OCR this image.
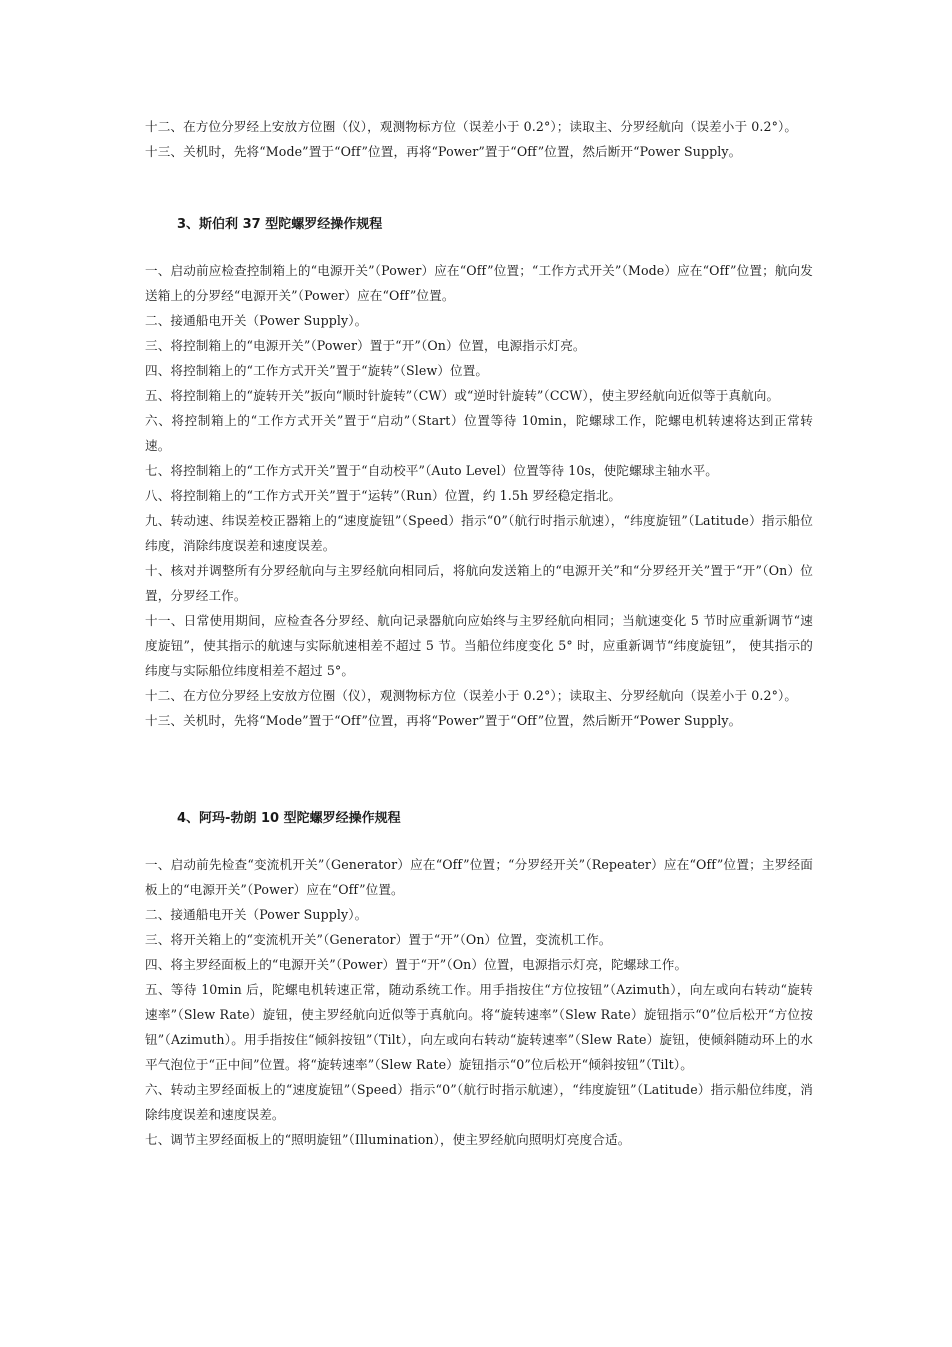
十二、在方位分罗经上安放方位圈（仪），观测物标方位（误差小于 0.2°）；读取主、分罗经航向（误差小于 0.2°）。

十三、关机时，先将“Mode”置于“Off”位置，再将“Power”置于“Off”位置，然后断开“Power Supply。

3、斯伯利 37 型陀螺罗经操作规程

一、启动前应检查控制箱上的“电源开关”（Power）应在“Off”位置；“工作方式开关”（Mode）应在“Off”位置；航向发送箱上的分罗经“电源开关”（Power）应在“Off”位置。

二、接通船电开关（Power Supply）。

三、将控制箱上的“电源开关”（Power）置于“开”（On）位置，电源指示灯亮。

四、将控制箱上的“工作方式开关”置于“旋转”（Slew）位置。

五、将控制箱上的“旋转开关”扳向“顺时针旋转”（CW）或“逆时针旋转”（CCW），使主罗经航向近似等于真航向。

六、将控制箱上的“工作方式开关”置于“启动”（Start）位置等待 10min，陀螺球工作，陀螺电机转速将达到正常转速。

七、将控制箱上的“工作方式开关”置于“自动校平”（Auto Level）位置等待 10s，使陀螺球主轴水平。

八、将控制箱上的“工作方式开关”置于“运转”（Run）位置，约 1.5h 罗经稳定指北。

九、转动速、纬误差校正器箱上的“速度旋钮”（Speed）指示“0”（航行时指示航速），“纬度旋钮”（Latitude）指示船位纬度，消除纬度误差和速度误差。

十、核对并调整所有分罗经航向与主罗经航向相同后，将航向发送箱上的“电源开关”和“分罗经开关”置于“开”（On）位置，分罗经工作。

十一、日常使用期间，应检查各分罗经、航向记录器航向应始终与主罗经航向相同；当航速变化 5 节时应重新调节“速度旋钮”，使其指示的航速与实际航速相差不超过 5 节。当船位纬度变化 5° 时，应重新调节“纬度旋钮”， 使其指示的纬度与实际船位纬度相差不超过 5°。

十二、在方位分罗经上安放方位圈（仪），观测物标方位（误差小于 0.2°）；读取主、分罗经航向（误差小于 0.2°）。

十三、关机时，先将“Mode”置于“Off”位置，再将“Power”置于“Off”位置，然后断开“Power Supply。

4、阿玛-勃朗 10 型陀螺罗经操作规程

一、启动前先检查“变流机开关”（Generator）应在“Off”位置；“分罗经开关”（Repeater）应在“Off”位置；主罗经面板上的“电源开关”（Power）应在“Off”位置。

二、接通船电开关（Power Supply）。

三、将开关箱上的“变流机开关”（Generator）置于“开”（On）位置，变流机工作。

四、将主罗经面板上的“电源开关”（Power）置于“开”（On）位置，电源指示灯亮，陀螺球工作。

五、等待 10min 后，陀螺电机转速正常，随动系统工作。用手指按住“方位按钮”（Azimuth），向左或向右转动“旋转速率”（Slew Rate）旋钮，使主罗经航向近似等于真航向。将“旋转速率”（Slew Rate）旋钮指示“0”位后松开“方位按钮”（Azimuth）。用手指按住“倾斜按钮”（Tilt），向左或向右转动“旋转速率”（Slew Rate）旋钮，使倾斜随动环上的水平气泡位于“正中间”位置。将“旋转速率”（Slew Rate）旋钮指示“0”位后松开“倾斜按钮”（Tilt）。

六、转动主罗经面板上的“速度旋钮”（Speed）指示“0”（航行时指示航速），“纬度旋钮”（Latitude）指示船位纬度，消除纬度误差和速度误差。

七、调节主罗经面板上的“照明旋钮”（Illumination），使主罗经航向照明灯亮度合适。
